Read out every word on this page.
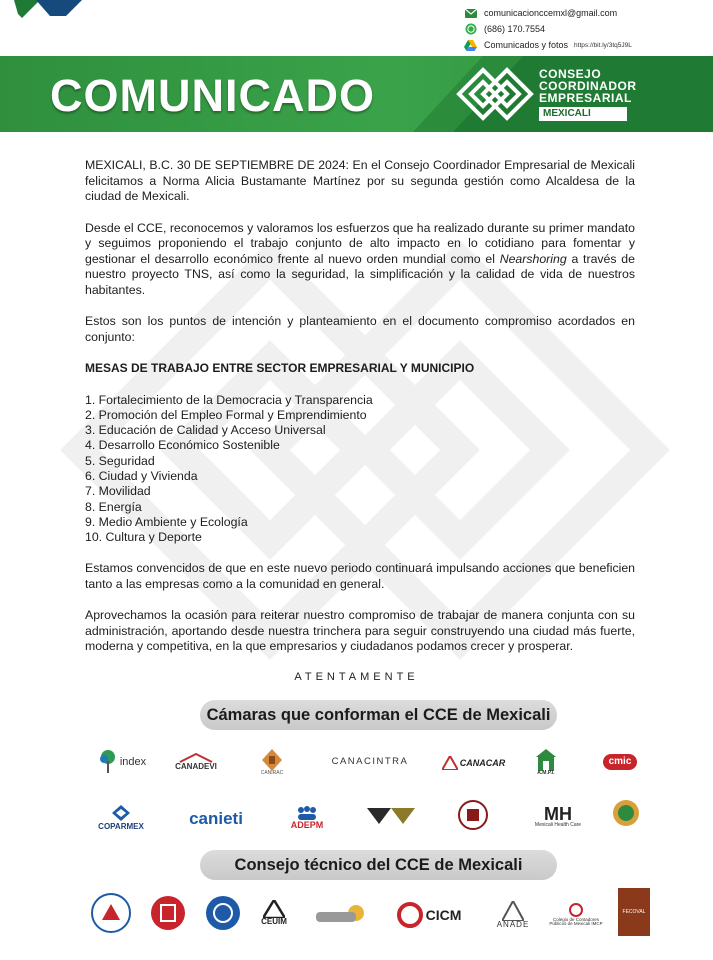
comunicacionccemxl@gmail.com
(686) 170.7554
Comunicados y fotos https://bit.ly/3tq5J9L
COMUNICADO	CONSEJO
COORDINADOR
EMPRESARIAL
MEXICALI

MEXICALI, B.C. 30 DE SEPTIEMBRE DE 2024: En el Consejo Coordinador Empresarial de Mexicali felicitamos a Norma Alicia Bustamante Martínez por su segunda gestión como Alcaldesa de la ciudad de Mexicali.

Desde el CCE, reconocemos y valoramos los esfuerzos que ha realizado durante su primer mandato y seguimos proponiendo el trabajo conjunto de alto impacto en lo cotidiano para fomentar y gestionar el desarrollo económico frente al nuevo orden mundial como el Nearshoring a través de nuestro proyecto TNS, así como la seguridad, la simplificación y la calidad de vida de nuestros habitantes.

Estos son los puntos de intención y planteamiento en el documento compromiso acordados en conjunto:

MESAS DE TRABAJO ENTRE SECTOR EMPRESARIAL Y MUNICIPIO

1. Fortalecimiento de la Democracia y Transparencia
2. Promoción del Empleo Formal y Emprendimiento
3. Educación de Calidad y Acceso Universal
4. Desarrollo Económico Sostenible
5. Seguridad
6. Ciudad y Vivienda
7. Movilidad
8. Energía
9. Medio Ambiente y Ecología
10. Cultura y Deporte

Estamos convencidos de que en este nuevo periodo continuará impulsando acciones que beneficien tanto a las empresas como a la comunidad en general.

Aprovechamos la ocasión para reiterar nuestro compromiso de trabajar de manera conjunta con su administración, aportando desde nuestra trinchera para seguir construyendo una ciudad más fuerte, moderna y competitiva, en la que empresarios y ciudadanos podamos crecer y prosperar.

ATENTAMENTE
Cámaras que conforman el CCE de Mexicali
index	CANADEVI
CANIRAC
CANACINTRA	CANACAR
A.M.P.I.
cmic
COPARMEX	canieti	ADEPM
MH
Mexicali Health Care
Consejo técnico del CCE de Mexicali
CEUIM	CICM
ANADE
Colegio de Contadores Públicos de Mexicali IMCP
FECOVAL
